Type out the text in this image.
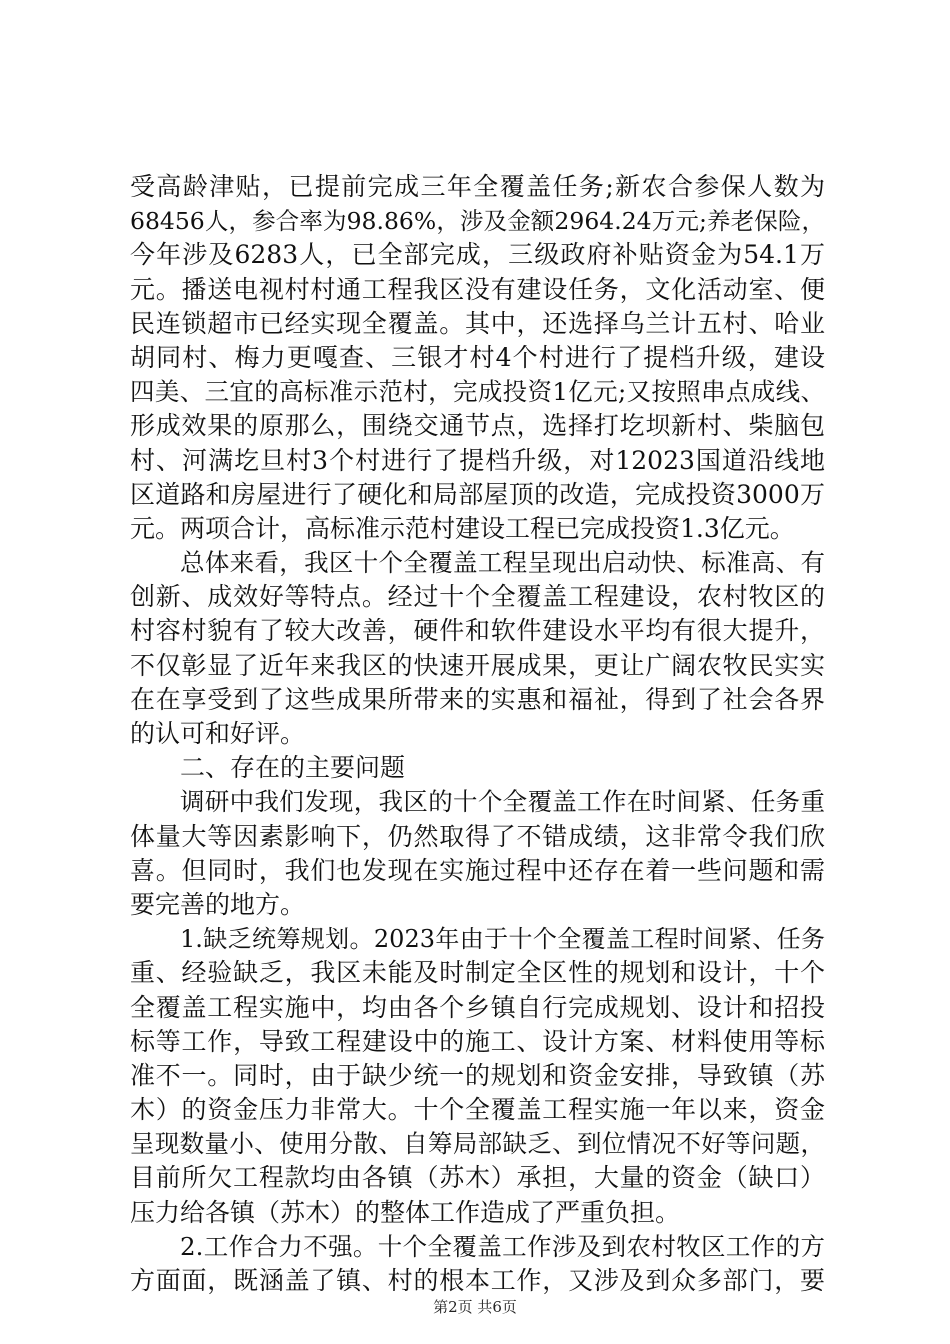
受高龄津贴，已提前完成三年全覆盖任务;新农合参保人数为
68456人，参合率为98.86%，涉及金额2964.24万元;养老保险，
今年涉及6283人，已全部完成，三级政府补贴资金为54.1万
元。播送电视村村通工程我区没有建设任务，文化活动室、便
民连锁超市已经实现全覆盖。其中，还选择乌兰计五村、哈业
胡同村、梅力更嘎查、三银才村4个村进行了提档升级，建设
四美、三宜的高标准示范村，完成投资1亿元;又按照串点成线、
形成效果的原那么，围绕交通节点，选择打圪坝新村、柴脑包
村、河满圪旦村3个村进行了提档升级，对12023国道沿线地
区道路和房屋进行了硬化和局部屋顶的改造，完成投资3000万
元。两项合计，高标准示范村建设工程已完成投资1.3亿元。
总体来看，我区十个全覆盖工程呈现出启动快、标准高、有
创新、成效好等特点。经过十个全覆盖工程建设，农村牧区的
村容村貌有了较大改善，硬件和软件建设水平均有很大提升，
不仅彰显了近年来我区的快速开展成果，更让广阔农牧民实实
在在享受到了这些成果所带来的实惠和福祉，得到了社会各界
的认可和好评。
二、存在的主要问题
调研中我们发现，我区的十个全覆盖工作在时间紧、任务重
体量大等因素影响下，仍然取得了不错成绩，这非常令我们欣
喜。但同时，我们也发现在实施过程中还存在着一些问题和需
要完善的地方。
1.缺乏统筹规划。2023年由于十个全覆盖工程时间紧、任务
重、经验缺乏，我区未能及时制定全区性的规划和设计，十个
全覆盖工程实施中，均由各个乡镇自行完成规划、设计和招投
标等工作，导致工程建设中的施工、设计方案、材料使用等标
准不一。同时，由于缺少统一的规划和资金安排，导致镇（苏
木）的资金压力非常大。十个全覆盖工程实施一年以来，资金
呈现数量小、使用分散、自筹局部缺乏、到位情况不好等问题，
目前所欠工程款均由各镇（苏木）承担，大量的资金（缺口）
压力给各镇（苏木）的整体工作造成了严重负担。
2.工作合力不强。十个全覆盖工作涉及到农村牧区工作的方
方面面，既涵盖了镇、村的根本工作，又涉及到众多部门，要
第2页 共6页
